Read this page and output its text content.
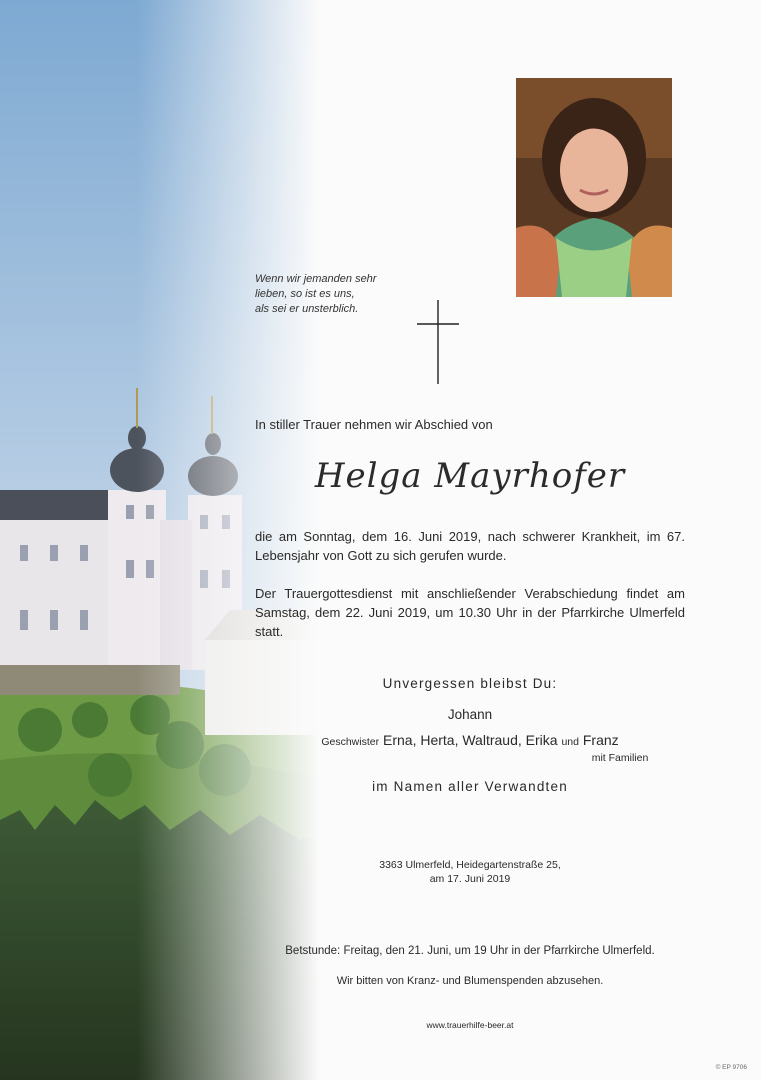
Wenn wir jemanden sehr
lieben, so ist es uns,
als sei er unsterblich.
In stiller Trauer nehmen wir Abschied von
Helga Mayrhofer
die am Sonntag, dem 16. Juni 2019, nach schwerer Krankheit, im 67. Lebensjahr von Gott zu sich gerufen wurde.
Der Trauergottesdienst mit anschließender Verabschiedung findet am Samstag, dem 22. Juni 2019, um 10.30 Uhr in der Pfarrkirche Ulmerfeld statt.
Unvergessen bleibst Du:
Johann
Geschwister Erna, Herta, Waltraud, Erika und Franz
mit Familien
im Namen aller Verwandten
3363 Ulmerfeld, Heidegartenstraße 25,
am 17. Juni 2019
Betstunde: Freitag, den 21. Juni, um 19 Uhr in der Pfarrkirche Ulmerfeld.
Wir bitten von Kranz- und Blumenspenden abzusehen.
www.trauerhilfe-beer.at
© EP 9706
